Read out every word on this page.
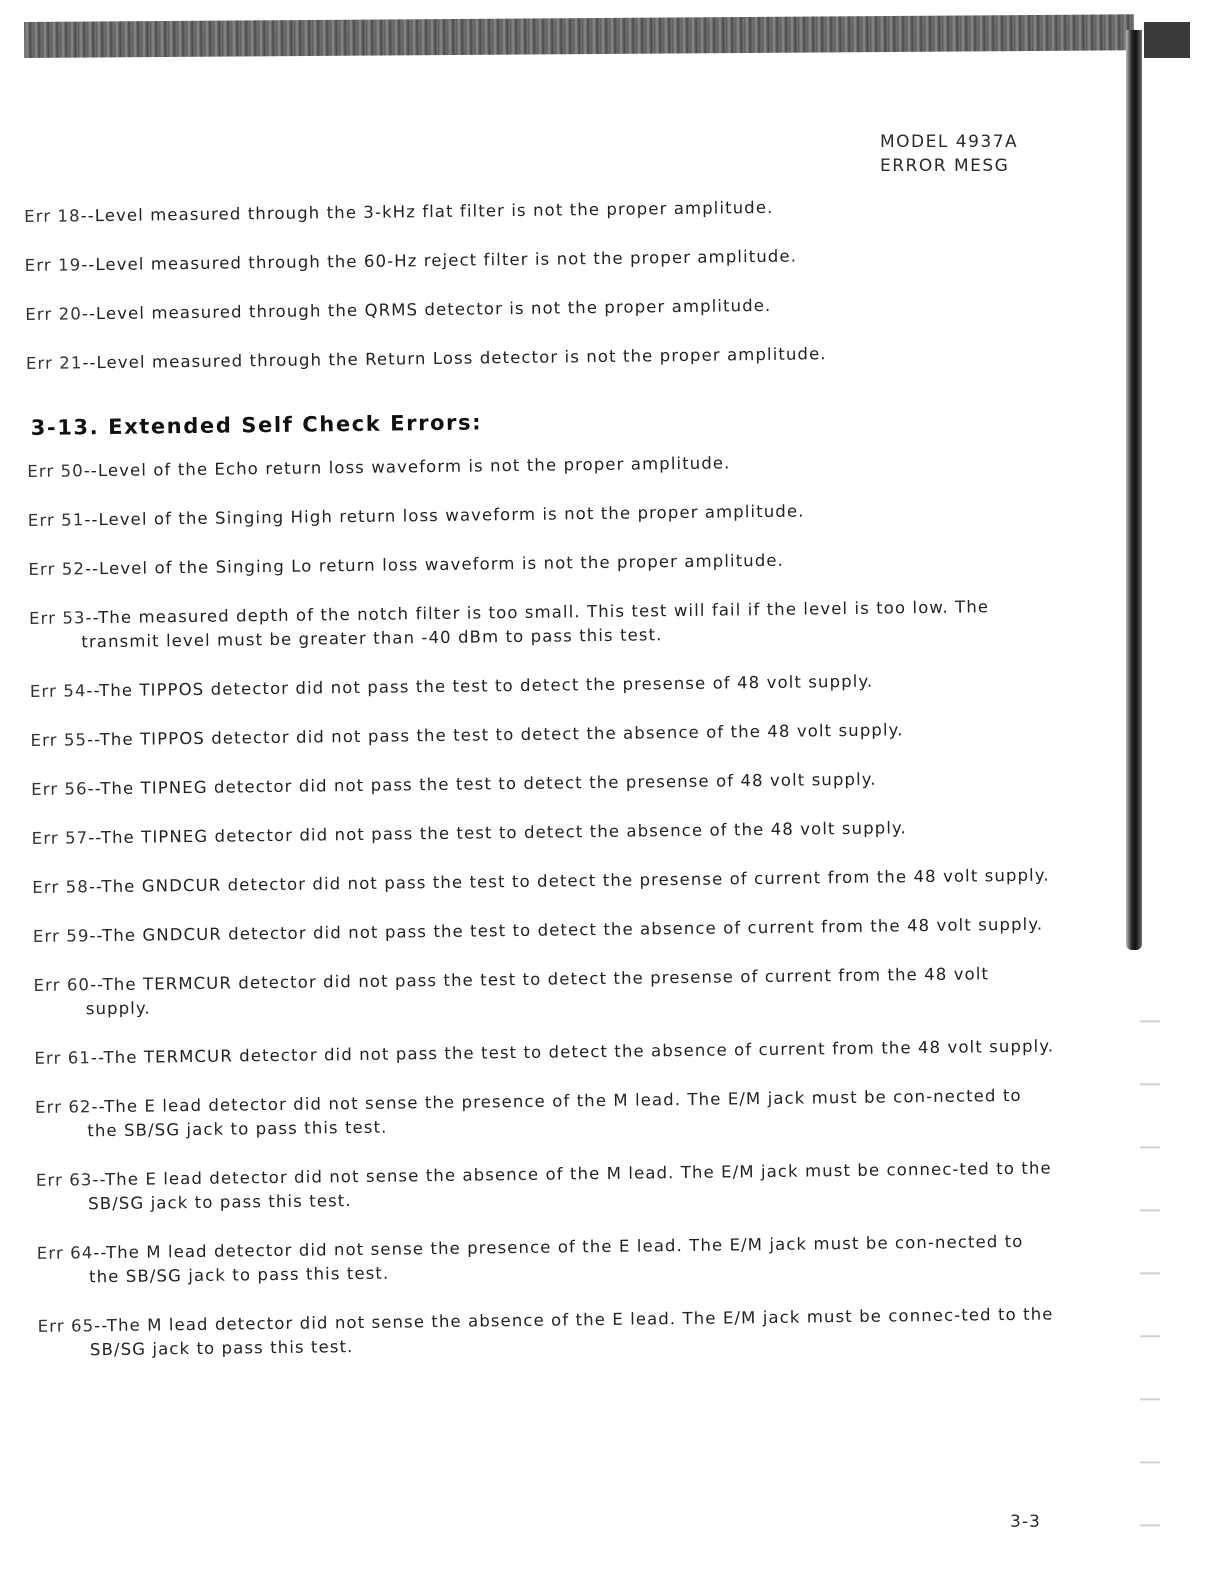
MODEL 4937A
ERROR MESG

Err 18--Level measured through the 3-kHz flat filter is not the proper amplitude.

Err 19--Level measured through the 60-Hz reject filter is not the proper amplitude.

Err 20--Level measured through the QRMS detector is not the proper amplitude.

Err 21--Level measured through the Return Loss detector is not the proper amplitude.

3-13. Extended Self Check Errors:

Err 50--Level of the Echo return loss waveform is not the proper amplitude.

Err 51--Level of the Singing High return loss waveform is not the proper amplitude.

Err 52--Level of the Singing Lo return loss waveform is not the proper amplitude.

Err 53--The measured depth of the notch filter is too small. This test will fail if the level is too low. The transmit level must be greater than -40 dBm to pass this test.

Err 54--The TIPPOS detector did not pass the test to detect the presense of 48 volt supply.

Err 55--The TIPPOS detector did not pass the test to detect the absence of the 48 volt supply.

Err 56--The TIPNEG detector did not pass the test to detect the presense of 48 volt supply.

Err 57--The TIPNEG detector did not pass the test to detect the absence of the 48 volt supply.

Err 58--The GNDCUR detector did not pass the test to detect the presense of current from the 48 volt supply.

Err 59--The GNDCUR detector did not pass the test to detect the absence of current from the 48 volt supply.

Err 60--The TERMCUR detector did not pass the test to detect the presense of current from the 48 volt supply.

Err 61--The TERMCUR detector did not pass the test to detect the absence of current from the 48 volt supply.

Err 62--The E lead detector did not sense the presence of the M lead. The E/M jack must be con-nected to the SB/SG jack to pass this test.

Err 63--The E lead detector did not sense the absence of the M lead. The E/M jack must be connec-ted to the SB/SG jack to pass this test.

Err 64--The M lead detector did not sense the presence of the E lead. The E/M jack must be con-nected to the SB/SG jack to pass this test.

Err 65--The M lead detector did not sense the absence of the E lead. The E/M jack must be connec-ted to the SB/SG jack to pass this test.

3-3
